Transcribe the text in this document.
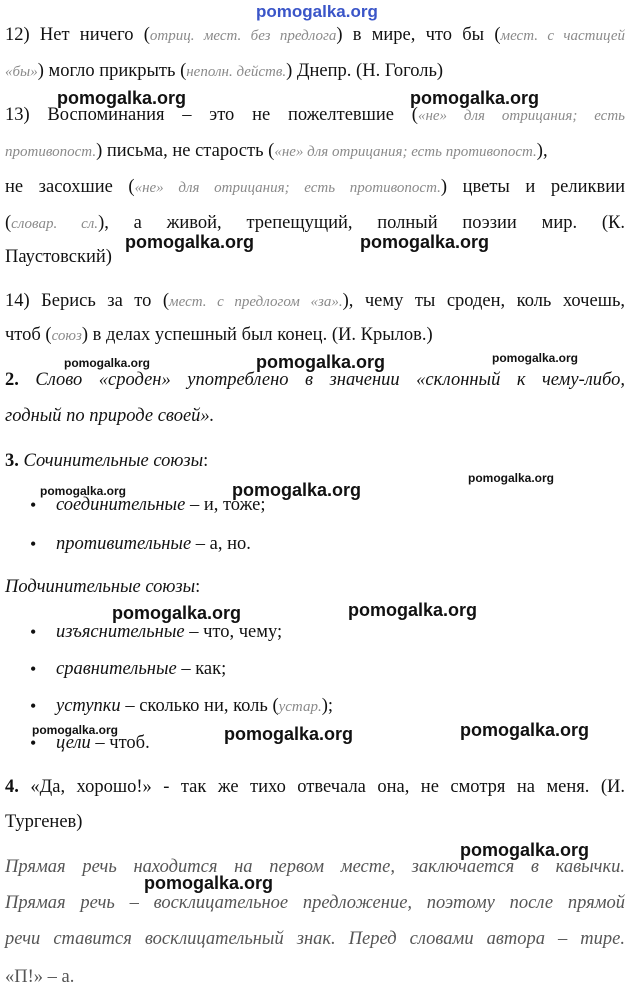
pomogalka.org
12) Нет ничего (отриц. мест. без предлога) в мире, что бы (мест. с частицей
«бы») могло прикрыть (неполн. действ.) Днепр. (Н. Гоголь)
13) Воспоминания – это не пожелтевшие («не» для отрицания; есть
противопост.) письма, не старость («не» для отрицания; есть противопост.),
не засохшие («не» для отрицания; есть противопост.) цветы и реликвии
(словар. сл.), а живой, трепещущий, полный поэзии мир. (К.
Паустовский)
14) Берись за то (мест. с предлогом «за».), чему ты сроден, коль хочешь,
чтоб (союз) в делах успешный был конец. (И. Крылов.)
2. Слово «сроден» употреблено в значении «склонный к чему-либо,
годный по природе своей».
3. Сочинительные союзы:
• соединительные – и, тоже;
• противительные – а, но.
Подчинительные союзы:
• изъяснительные – что, чему;
• сравнительные – как;
• уступки – сколько ни, коль (устар.);
• цели – чтоб.
4. «Да, хорошо!» - так же тихо отвечала она, не смотря на меня. (И.
Тургенев)
Прямая речь находится на первом месте, заключается в кавычки.
Прямая речь – восклицательное предложение, поэтому после прямой
речи ставится восклицательный знак. Перед словами автора – тире.
«П!» – а.
pomogalka.org	pomogalka.org
pomogalka.org	pomogalka.org
pomogalka.org	pomogalka.org	pomogalka.org
pomogalka.org
pomogalka.org	pomogalka.org
pomogalka.org	pomogalka.org
pomogalka.org	pomogalka.org	pomogalka.org
pomogalka.org
pomogalka.org
